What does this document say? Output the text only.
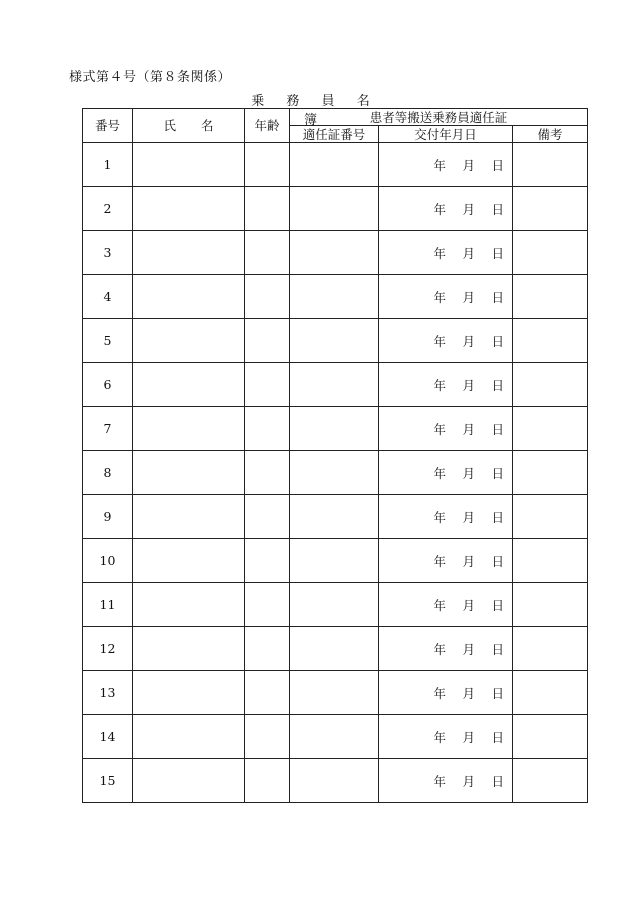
様式第４号（第８条関係）
乗 務 員 名 簿
番号	氏　　名	年齢	患者等搬送乗務員適任証		
			適任証番号	交付年月日	備考
1				年　 月 　日	
2				年　 月 　日	
3				年　 月 　日	
4				年　 月 　日	
5				年　 月 　日	
6				年　 月 　日	
7				年　 月 　日	
8				年　 月 　日	
9				年　 月 　日	
10				年　 月 　日	
11				年　 月 　日	
12				年　 月 　日	
13				年　 月 　日	
14				年　 月 　日	
15				年　 月 　日	
